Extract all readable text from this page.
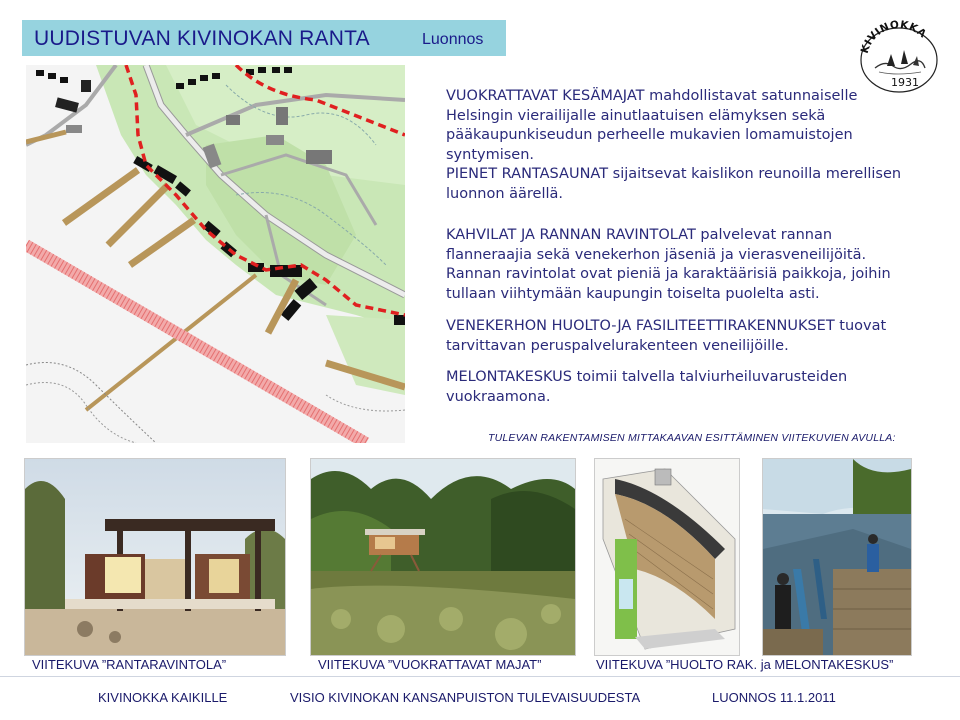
UUDISTUVAN KIVINOKAN RANTA	Luonnos
KIVINOKKA
1931

VUOKRATTAVAT KESÄMAJAT mahdollistavat satunnaiselle Helsingin vierailijalle ainutlaatuisen elämyksen sekä pääkaupunkiseudun perheelle mukavien lomamuistojen syntymisen.

PIENET RANTASAUNAT sijaitsevat kaislikon reunoilla merellisen luonnon äärellä.

KAHVILAT JA RANNAN RAVINTOLAT palvelevat rannan flanneraajia sekä venekerhon jäseniä ja vierasveneilijöitä.

Rannan ravintolat ovat pieniä ja karaktäärisiä paikkoja, joihin tullaan viihtymään kaupungin toiselta puolelta asti.

VENEKERHON HUOLTO-JA FASILITEETTIRAKENNUKSET tuovat tarvittavan peruspalvelurakenteen veneilijöille.

MELONTAKESKUS toimii talvella talviurheiluvarusteiden vuokraamona.

TULEVAN RAKENTAMISEN MITTAKAAVAN ESITTÄMINEN VIITEKUVIEN AVULLA:
VIITEKUVA ”RANTARAVINTOLA”	VIITEKUVA ”VUOKRATTAVAT MAJAT”	VIITEKUVA ”HUOLTO RAK. ja MELONTAKESKUS”
KIVINOKKA KAIKILLE	VISIO KIVINOKAN KANSANPUISTON TULEVAISUUDESTA	LUONNOS 11.1.2011
